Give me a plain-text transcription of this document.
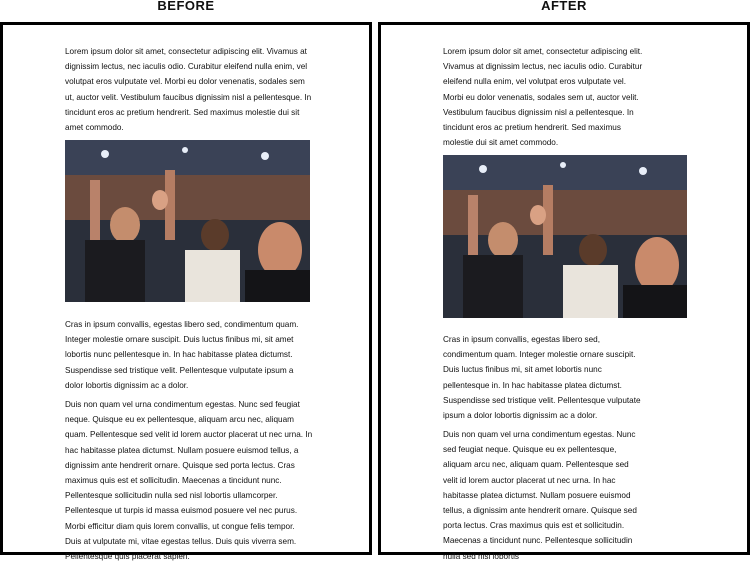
BEFORE	AFTER

Lorem ipsum dolor sit amet, consectetur adipiscing elit. Vivamus at dignissim lectus, nec iaculis odio. Curabitur eleifend nulla enim, vel volutpat eros vulputate vel. Morbi eu dolor venenatis, sodales sem ut, auctor velit. Vestibulum faucibus dignissim nisl a pellentesque. In tincidunt eros ac pretium hendrerit. Sed maximus molestie dui sit amet commodo.

Cras in ipsum convallis, egestas libero sed, condimentum quam. Integer molestie ornare suscipit. Duis luctus finibus mi, sit amet lobortis nunc pellentesque in. In hac habitasse platea dictumst. Suspendisse sed tristique velit. Pellentesque vulputate ipsum a dolor lobortis dignissim ac a dolor.

Duis non quam vel urna condimentum egestas. Nunc sed feugiat neque. Quisque eu ex pellentesque, aliquam arcu nec, aliquam quam. Pellentesque sed velit id lorem auctor placerat ut nec urna. In hac habitasse platea dictumst. Nullam posuere euismod tellus, a dignissim ante hendrerit ornare. Quisque sed porta lectus. Cras maximus quis est et sollicitudin. Maecenas a tincidunt nunc. Pellentesque sollicitudin nulla sed nisl lobortis ullamcorper. Pellentesque ut turpis id massa euismod posuere vel nec purus. Morbi efficitur diam quis lorem convallis, ut congue felis tempor. Duis at vulputate mi, vitae egestas tellus. Duis quis viverra sem. Pellentesque quis placerat sapien.

Lorem ipsum dolor sit amet, consectetur adipiscing elit. Vivamus at dignissim lectus, nec iaculis odio. Curabitur eleifend nulla enim, vel volutpat eros vulputate vel. Morbi eu dolor venenatis, sodales sem ut, auctor velit. Vestibulum faucibus dignissim nisl a pellentesque. In tincidunt eros ac pretium hendrerit. Sed maximus molestie dui sit amet commodo.

Cras in ipsum convallis, egestas libero sed, condimentum quam. Integer molestie ornare suscipit. Duis luctus finibus mi, sit amet lobortis nunc pellentesque in. In hac habitasse platea dictumst. Suspendisse sed tristique velit. Pellentesque vulputate ipsum a dolor lobortis dignissim ac a dolor.

Duis non quam vel urna condimentum egestas. Nunc sed feugiat neque. Quisque eu ex pellentesque, aliquam arcu nec, aliquam quam. Pellentesque sed velit id lorem auctor placerat ut nec urna. In hac habitasse platea dictumst. Nullam posuere euismod tellus, a dignissim ante hendrerit ornare. Quisque sed porta lectus. Cras maximus quis est et sollicitudin. Maecenas a tincidunt nunc. Pellentesque sollicitudin nulla sed nisl lobortis
